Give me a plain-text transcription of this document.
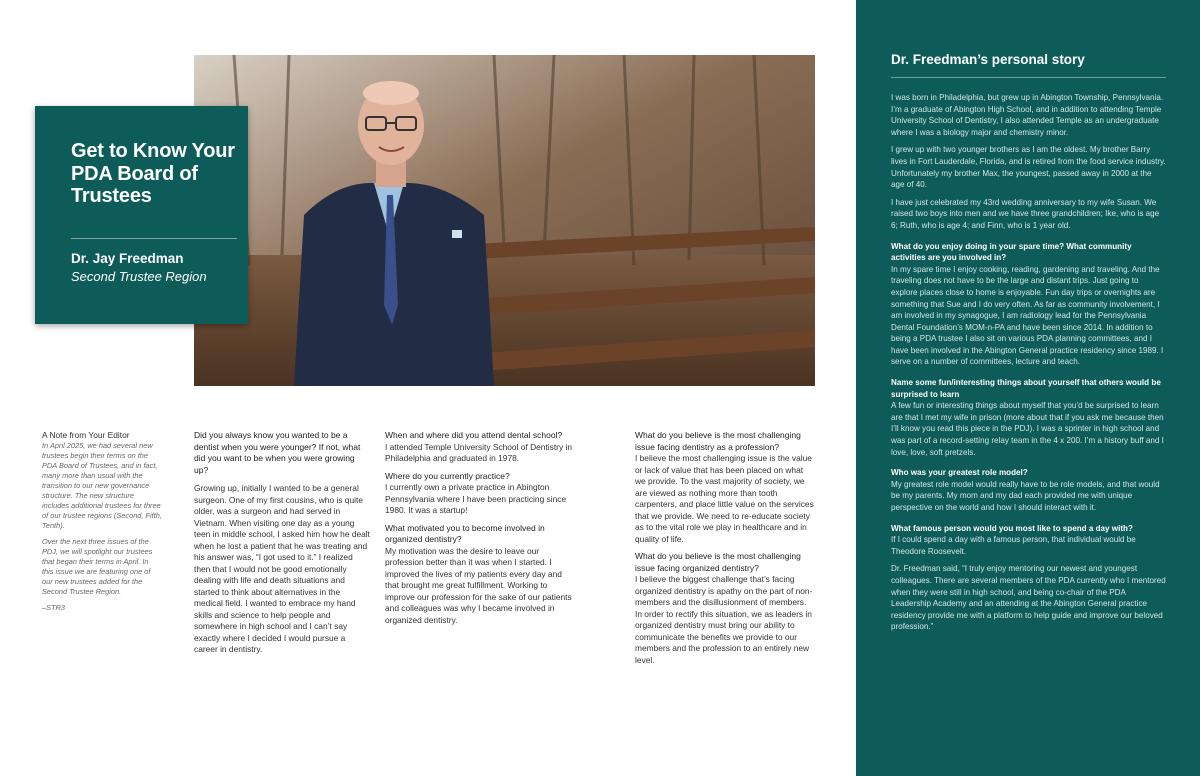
Get to Know Your PDA Board of Trustees
Dr. Jay Freedman
Second Trustee Region
A Note from Your Editor

In April 2025, we had several new trustees begin their terms on the PDA Board of Trustees, and in fact, many more than usual with the transition to our new governance structure. The new structure includes additional trustees for three of our trustee regions (Second, Fifth, Tenth).

Over the next three issues of the PDJ, we will spotlight our trustees that began their terms in April. In this issue we are featuring one of our new trustees added for the Second Trustee Region.

–STR3

Did you always know you wanted to be a dentist when you were younger? If not, what did you want to be when you were growing up?

Growing up, initially I wanted to be a general surgeon. One of my first cousins, who is quite older, was a surgeon and had served in Vietnam. When visiting one day as a young teen in middle school, I asked him how he dealt when he lost a patient that he was treating and his answer was, “I got used to it.” I realized then that I would not be good emotionally dealing with life and death situations and started to think about alternatives in the medical field. I wanted to embrace my hand skills and science to help people and somewhere in high school and I can’t say exactly where I decided I would pursue a career in dentistry.

When and where did you attend dental school?

I attended Temple University School of Dentistry in Philadelphia and graduated in 1978.

Where do you currently practice?

I currently own a private practice in Abington Pennsylvania where I have been practicing since 1980. It was a startup!

What motivated you to become involved in organized dentistry?

My motivation was the desire to leave our profession better than it was when I started. I improved the lives of my patients every day and that brought me great fulfillment. Working to improve our profession for the sake of our patients and colleagues was why I became involved in organized dentistry.

What do you believe is the most challenging issue facing dentistry as a profession?

I believe the most challenging issue is the value or lack of value that has been placed on what we provide. To the vast majority of society, we are viewed as nothing more than tooth carpenters, and place little value on the services that we provide. We need to re-educate society as to the vital role we play in healthcare and in quality of life.

What do you believe is the most challenging issue facing organized dentistry?

I believe the biggest challenge that’s facing organized dentistry is apathy on the part of non-members and the disillusionment of members. In order to rectify this situation, we as leaders in organized dentistry must bring our ability to communicate the benefits we provide to our members and the profession to an entirely new level.

Dr. Freedman’s personal story

I was born in Philadelphia, but grew up in Abington Township, Pennsylvania. I’m a graduate of Abington High School, and in addition to attending Temple University School of Dentistry, I also attended Temple as an undergraduate where I was a biology major and chemistry minor.

I grew up with two younger brothers as I am the oldest. My brother Barry lives in Fort Lauderdale, Florida, and is retired from the food service industry. Unfortunately my brother Max, the youngest, passed away in 2000 at the age of 40.

I have just celebrated my 43rd wedding anniversary to my wife Susan. We raised two boys into men and we have three grandchildren; Ike, who is age 6; Ruth, who is age 4; and Finn, who is 1 year old.

What do you enjoy doing in your spare time? What community activities are you involved in?

In my spare time I enjoy cooking, reading, gardening and traveling. And the traveling does not have to be the large and distant trips. Just going to explore places close to home is enjoyable. Fun day trips or overnights are something that Sue and I do very often. As far as community involvement, I am involved in my synagogue, I am radiology lead for the Pennsylvania Dental Foundation’s MOM-n-PA and have been since 2014. In addition to being a PDA trustee I also sit on various PDA planning committees, and I have been involved in the Abington General practice residency since 1989. I serve on a number of committees, lecture and teach.

Name some fun/interesting things about yourself that others would be surprised to learn

A few fun or interesting things about myself that you’d be surprised to learn are that I met my wife in prison (more about that if you ask me because then I’ll know you read this piece in the PDJ). I was a sprinter in high school and was part of a record-setting relay team in the 4 x 200. I’m a history buff and I love, love, soft pretzels.

Who was your greatest role model?

My greatest role model would really have to be role models, and that would be my parents. My mom and my dad each provided me with unique perspective on the world and how I should interact with it.

What famous person would you most like to spend a day with?

If I could spend a day with a famous person, that individual would be Theodore Roosevelt.

Dr. Freedman said, “I truly enjoy mentoring our newest and youngest colleagues. There are several members of the PDA currently who I mentored when they were still in high school, and being co-chair of the PDA Leadership Academy and an attending at the Abington General practice residency provide me with a platform to help guide and improve our beloved profession.”
